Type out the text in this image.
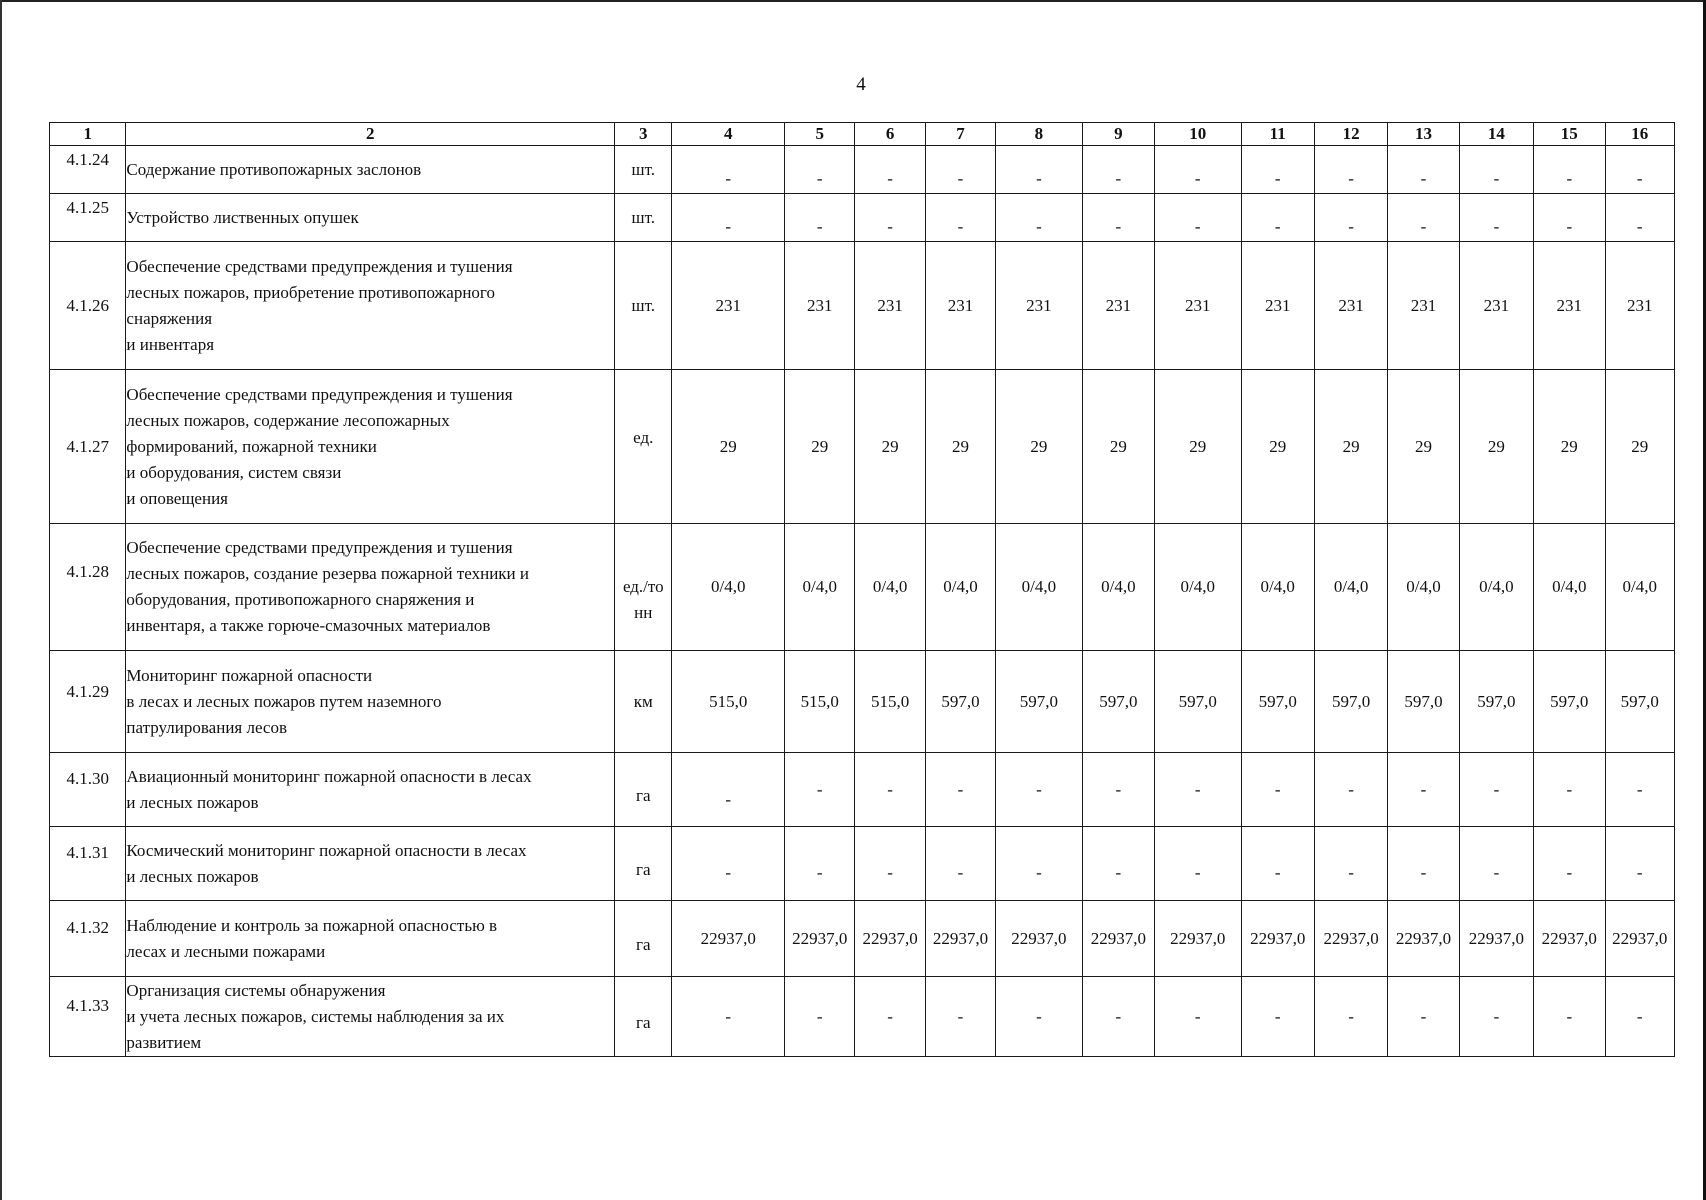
4
1	2	3	4	5	6	7	8	9	10	11	12	13	14	15	16
4.1.24	Содержание противопожарных заслонов	шт.	-	-	-	-	-	-	-	-	-	-	-	-	-
4.1.25	Устройство лиственных опушек	шт.	-	-	-	-	-	-	-	-	-	-	-	-	-
4.1.26	Обеспечение средствами предупреждения и тушения
лесных пожаров, приобретение противопожарного
снаряжения
и инвентаря	шт.	231	231	231	231	231	231	231	231	231	231	231	231	231
4.1.27	Обеспечение средствами предупреждения и тушения
лесных пожаров, содержание лесопожарных
формирований, пожарной техники
и оборудования, систем связи
и оповещения	ед.	29	29	29	29	29	29	29	29	29	29	29	29	29
4.1.28	Обеспечение средствами предупреждения и тушения
лесных пожаров, создание резерва пожарной техники и
оборудования, противопожарного снаряжения и
инвентаря, а также горюче-смазочных материалов	ед./то
нн	0/4,0	0/4,0	0/4,0	0/4,0	0/4,0	0/4,0	0/4,0	0/4,0	0/4,0	0/4,0	0/4,0	0/4,0	0/4,0
4.1.29	Мониторинг пожарной опасности
в лесах и лесных пожаров путем наземного
патрулирования лесов	км	515,0	515,0	515,0	597,0	597,0	597,0	597,0	597,0	597,0	597,0	597,0	597,0	597,0
4.1.30	Авиационный мониторинг пожарной опасности в лесах
и лесных пожаров	га	-	-	-	-	-	-	-	-	-	-	-	-	-
4.1.31	Космический мониторинг пожарной опасности в лесах
и лесных пожаров	га	-	-	-	-	-	-	-	-	-	-	-	-	-
4.1.32	Наблюдение и контроль за пожарной опасностью в
лесах и лесными пожарами	га	22937,0	22937,0	22937,0	22937,0	22937,0	22937,0	22937,0	22937,0	22937,0	22937,0	22937,0	22937,0	22937,0
4.1.33	Организация системы обнаружения
и учета лесных пожаров, системы наблюдения за их
развитием	га	-	-	-	-	-	-	-	-	-	-	-	-	-
